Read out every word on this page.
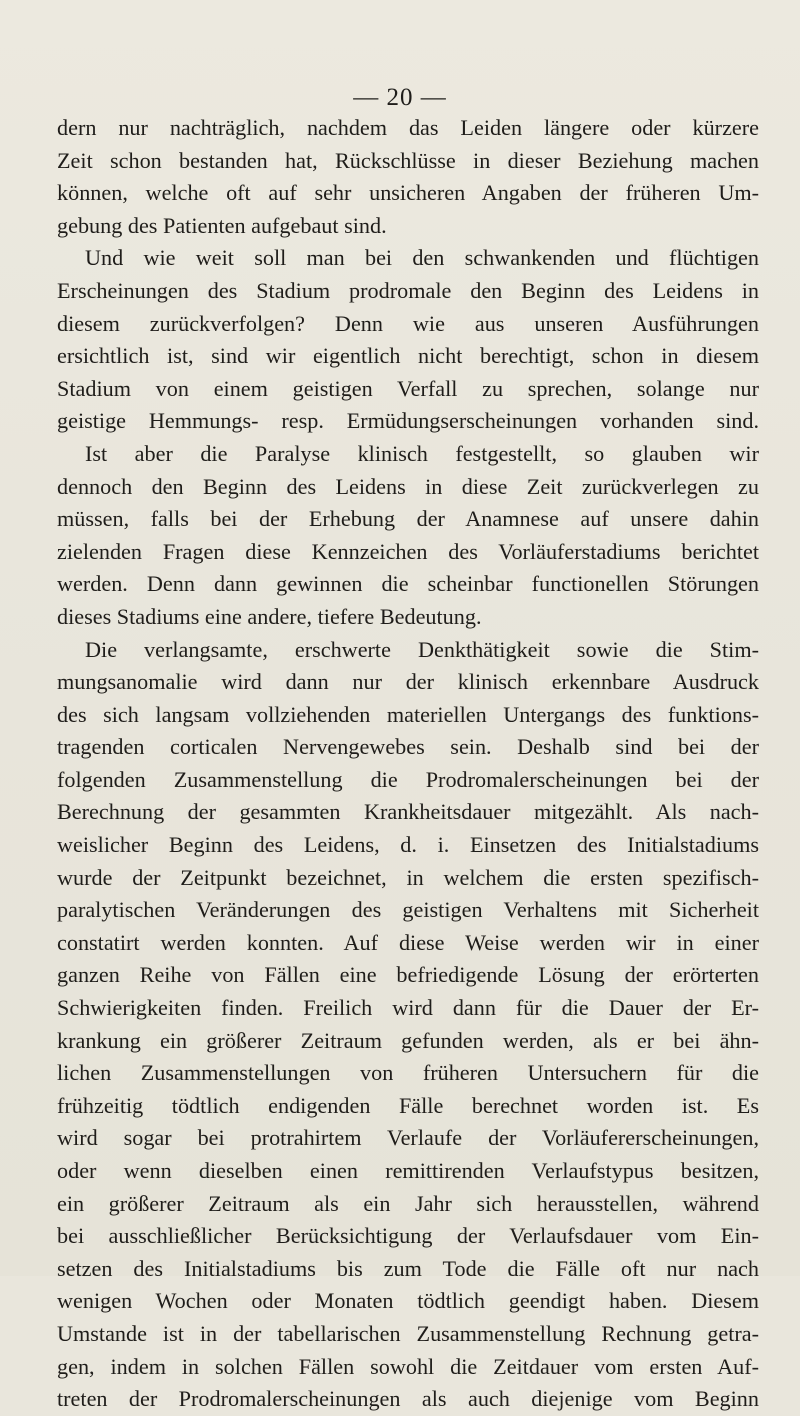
— 20 —
dern nur nachträglich, nachdem das Leiden längere oder kürzere
Zeit schon bestanden hat, Rückschlüsse in dieser Beziehung machen
können, welche oft auf sehr unsicheren Angaben der früheren Um-
gebung des Patienten aufgebaut sind.
Und wie weit soll man bei den schwankenden und flüchtigen
Erscheinungen des Stadium prodromale den Beginn des Leidens in
diesem zurückverfolgen? Denn wie aus unseren Ausführungen
ersichtlich ist, sind wir eigentlich nicht berechtigt, schon in diesem
Stadium von einem geistigen Verfall zu sprechen, solange nur
geistige Hemmungs- resp. Ermüdungserscheinungen vorhanden sind.
Ist aber die Paralyse klinisch festgestellt, so glauben wir
dennoch den Beginn des Leidens in diese Zeit zurückverlegen zu
müssen, falls bei der Erhebung der Anamnese auf unsere dahin
zielenden Fragen diese Kennzeichen des Vorläuferstadiums berichtet
werden. Denn dann gewinnen die scheinbar functionellen Störungen
dieses Stadiums eine andere, tiefere Bedeutung.
Die verlangsamte, erschwerte Denkthätigkeit sowie die Stim-
mungsanomalie wird dann nur der klinisch erkennbare Ausdruck
des sich langsam vollziehenden materiellen Untergangs des funktions-
tragenden corticalen Nervengewebes sein. Deshalb sind bei der
folgenden Zusammenstellung die Prodromalerscheinungen bei der
Berechnung der gesammten Krankheitsdauer mitgezählt. Als nach-
weislicher Beginn des Leidens, d. i. Einsetzen des Initialstadiums
wurde der Zeitpunkt bezeichnet, in welchem die ersten spezifisch-
paralytischen Veränderungen des geistigen Verhaltens mit Sicherheit
constatirt werden konnten. Auf diese Weise werden wir in einer
ganzen Reihe von Fällen eine befriedigende Lösung der erörterten
Schwierigkeiten finden. Freilich wird dann für die Dauer der Er-
krankung ein größerer Zeitraum gefunden werden, als er bei ähn-
lichen Zusammenstellungen von früheren Untersuchern für die
frühzeitig tödtlich endigenden Fälle berechnet worden ist. Es
wird sogar bei protrahirtem Verlaufe der Vorläufererscheinungen,
oder wenn dieselben einen remittirenden Verlaufstypus besitzen,
ein größerer Zeitraum als ein Jahr sich herausstellen, während
bei ausschließlicher Berücksichtigung der Verlaufsdauer vom Ein-
setzen des Initialstadiums bis zum Tode die Fälle oft nur nach
wenigen Wochen oder Monaten tödtlich geendigt haben. Diesem
Umstande ist in der tabellarischen Zusammenstellung Rechnung getra-
gen, indem in solchen Fällen sowohl die Zeitdauer vom ersten Auf-
treten der Prodromalerscheinungen als auch diejenige vom Beginn
